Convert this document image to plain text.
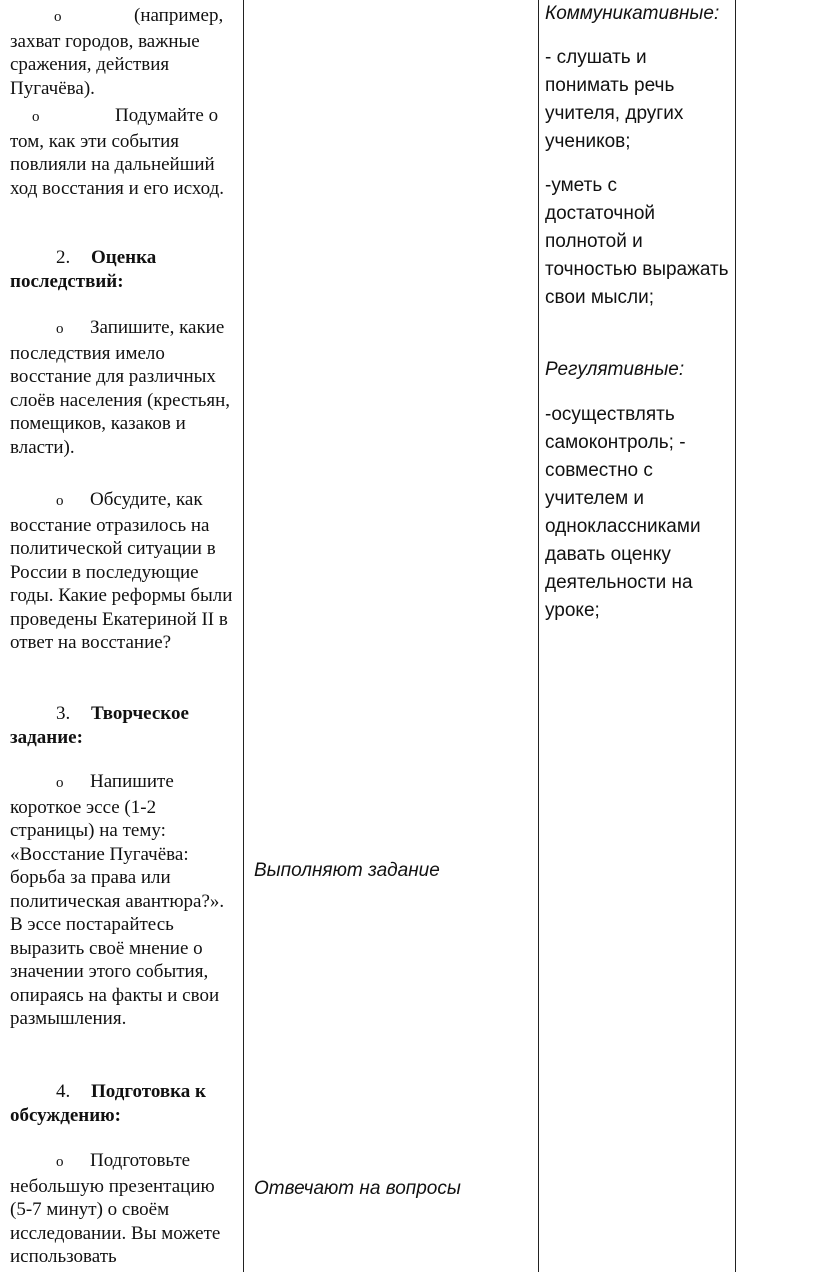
o	(например, захват городов, важные сражения, действия Пугачёва).
o	Подумайте о том, как эти события повлияли на дальнейший ход восстания и его исход.
2. Оценка последствий:
o Запишите, какие последствия имело восстание для различных слоёв населения (крестьян, помещиков, казаков и власти).
o Обсудите, как восстание отразилось на политической ситуации в России в последующие годы. Какие реформы были проведены Екатериной II в ответ на восстание?
3. Творческое задание:
o Напишите короткое эссе (1-2 страницы) на тему: «Восстание Пугачёва: борьба за права или политическая авантюра?». В эссе постарайтесь выразить своё мнение о значении этого события, опираясь на факты и свои размышления.
4. Подготовка к обсуждению:
o Подготовьте небольшую презентацию (5-7 минут) о своём исследовании. Вы можете использовать
Выполняют задание
Отвечают на вопросы
Коммуникативные:
- слушать и понимать речь учителя, других учеников;
-уметь с достаточной полнотой и точностью выражать свои мысли;
Регулятивные:
-осуществлять самоконтроль; - совместно с учителем и одноклассниками давать оценку деятельности на уроке;
